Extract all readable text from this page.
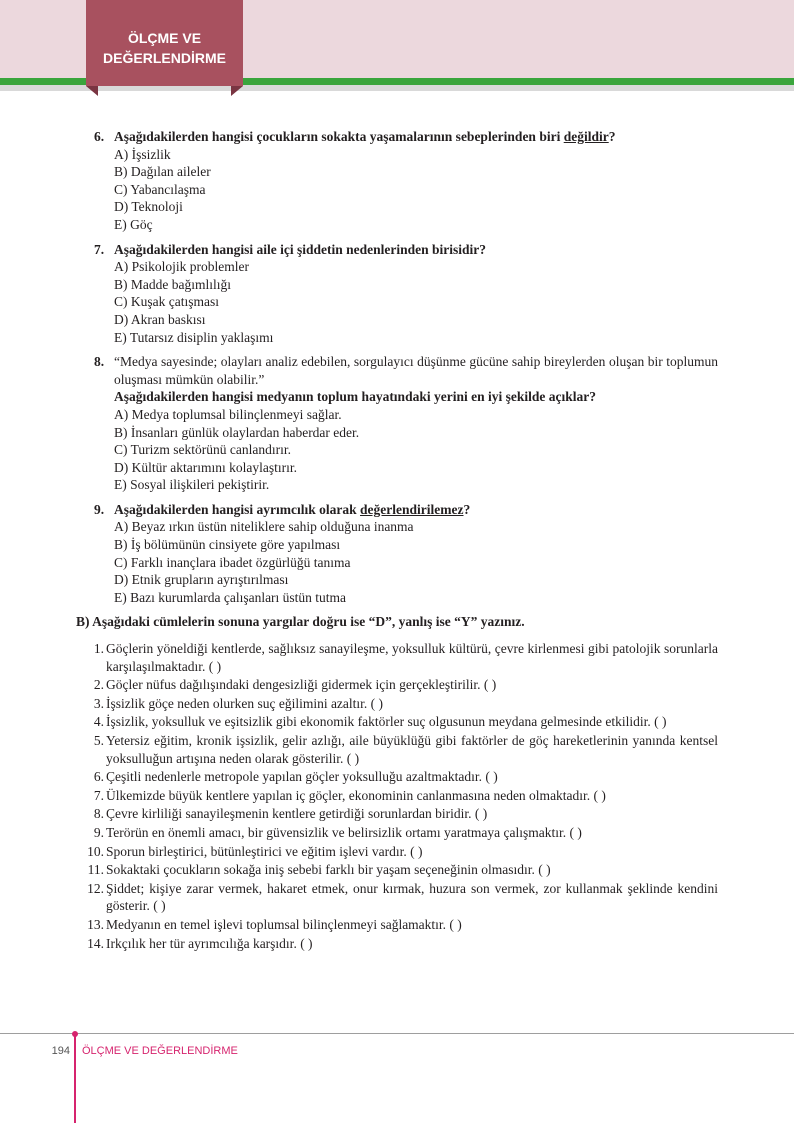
ÖLÇME VE
DEĞERLENDİRME
6. Aşağıdakilerden hangisi çocukların sokakta yaşamalarının sebeplerinden biri değildir?
A) İşsizlik
B) Dağılan aileler
C) Yabancılaşma
D) Teknoloji
E) Göç
7. Aşağıdakilerden hangisi aile içi şiddetin nedenlerinden birisidir?
A) Psikolojik problemler
B) Madde bağımlılığı
C) Kuşak çatışması
D) Akran baskısı
E) Tutarsız disiplin yaklaşımı
8. “Medya sayesinde; olayları analiz edebilen, sorgulayıcı düşünme gücüne sahip bireylerden oluşan bir toplumun oluşması mümkün olabilir.”
Aşağıdakilerden hangisi medyanın toplum hayatındaki yerini en iyi şekilde açıklar?
A) Medya toplumsal bilinçlenmeyi sağlar.
B) İnsanları günlük olaylardan haberdar eder.
C) Turizm sektörünü canlandırır.
D) Kültür aktarımını kolaylaştırır.
E) Sosyal ilişkileri pekiştirir.
9. Aşağıdakilerden hangisi ayrımcılık olarak değerlendirilemez?
A) Beyaz ırkın üstün niteliklere sahip olduğuna inanma
B) İş bölümünün cinsiyete göre yapılması
C) Farklı inançlara ibadet özgürlüğü tanıma
D) Etnik grupların ayrıştırılması
E) Bazı kurumlarda çalışanları üstün tutma
B) Aşağıdaki cümlelerin sonuna yargılar doğru ise “D”, yanlış ise “Y” yazınız.
1. Göçlerin yöneldiği kentlerde, sağlıksız sanayileşme, yoksulluk kültürü, çevre kirlenmesi gibi patolojik sorunlarla karşılaşılmaktadır. ( )
2. Göçler nüfus dağılışındaki dengesizliği gidermek için gerçekleştirilir. ( )
3. İşsizlik göçe neden olurken suç eğilimini azaltır. ( )
4. İşsizlik, yoksulluk ve eşitsizlik gibi ekonomik faktörler suç olgusunun meydana gelmesinde etkilidir. ( )
5. Yetersiz eğitim, kronik işsizlik, gelir azlığı, aile büyüklüğü gibi faktörler de göç hareketlerinin yanında kentsel yoksulluğun artışına neden olarak gösterilir. ( )
6. Çeşitli nedenlerle metropole yapılan göçler yoksulluğu azaltmaktadır. ( )
7. Ülkemizde büyük kentlere yapılan iç göçler, ekonominin canlanmasına neden olmaktadır. ( )
8. Çevre kirliliği sanayileşmenin kentlere getirdiği sorunlardan biridir. ( )
9. Terörün en önemli amacı, bir güvensizlik ve belirsizlik ortamı yaratmaya çalışmaktır. ( )
10. Sporun birleştirici, bütünleştirici ve eğitim işlevi vardır. ( )
11. Sokaktaki çocukların sokağa iniş sebebi farklı bir yaşam seçeneğinin olmasıdır. ( )
12. Şiddet; kişiye zarar vermek, hakaret etmek, onur kırmak, huzura son vermek, zor kullanmak şeklinde kendini gösterir. ( )
13. Medyanın en temel işlevi toplumsal bilinçlenmeyi sağlamaktır. ( )
14. Irkçılık her tür ayrımcılığa karşıdır. ( )
194 ÖLÇME VE DEĞERLENDİRME
